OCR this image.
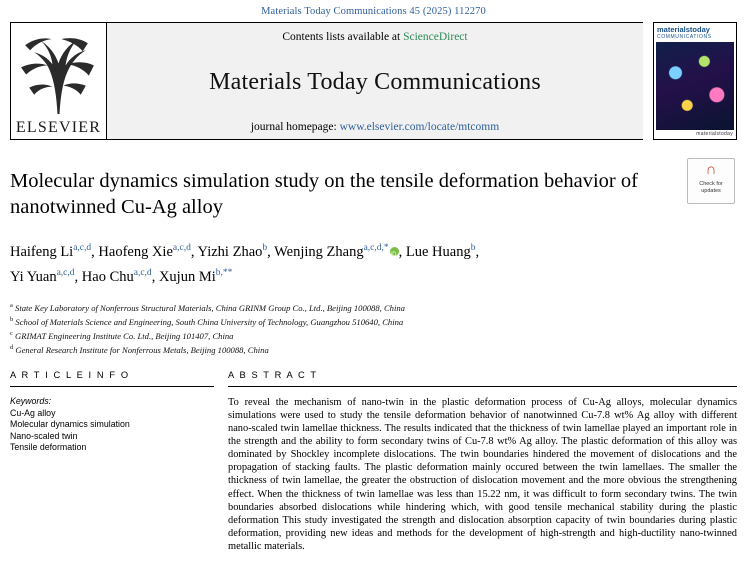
Materials Today Communications 45 (2025) 112270
ELSEVIER
Contents lists available at ScienceDirect
Materials Today Communications
journal homepage: www.elsevier.com/locate/mtcomm
materialstoday
COMMUNICATIONS
materialstoday
∩
Check for
updates
Molecular dynamics simulation study on the tensile deformation behavior of nanotwinned Cu-Ag alloy
Haifeng Li$^{a,c,d}$, Haofeng Xie$^{a,c,d}$, Yizhi Zhao$^b$, Wenjing Zhang$^{a,c,d,*}$ iD , Lue Huang$^b$,
Yi Yuan$^{a,c,d}$, Hao Chu$^{a,c,d}$, Xujun $Mi^{b,**}$
$^a$ State Key Laboratory of Nonferrous Structural Materials, China GRINM Group Co., Ltd., Beijing 100088, China
$^b$ School of Materials Science and Engineering, South China University of Technology, Guangzhou 510640, China
$^c$ GRIMAT Engineering Institute Co. Ltd., Beijing 101407, China
$^d$ General Research Institute for Nonferrous Metals, Beijing 100088, China
A R T I C L E I N F O	A B S T R A C T
Keywords:
Cu-Ag alloy
Molecular dynamics simulation
Nano-scaled twin
Tensile deformation
To reveal the mechanism of nano-twin in the plastic deformation process of Cu-Ag alloys, molecular dynamics simulations were used to study the tensile deformation behavior of nanotwinned Cu-7.8 wt% Ag alloy with different nano-scaled twin lamellae thickness. The results indicated that the thickness of twin lamellae played an important role in the strength and the ability to form secondary twins of Cu-7.8 wt% Ag alloy. The plastic deformation of this alloy was dominated by Shockley incomplete dislocations. The twin boundaries hindered the movement of dislocations and the propagation of stacking faults. The plastic deformation mainly occured between the twin lamellaes. The smaller the thickness of twin lamellae, the greater the obstruction of dislocation movement and the more obvious the strengthening effect. When the thickness of twin lamellae was less than 15.22 nm, it was difficult to form secondary twins. The twin boundaries absorbed dislocations while hindering which, with good tensile mechanical stability during the plastic deformation This study investigated the strength and dislocation absorption capacity of twin boundaries during plastic deformation, providing new ideas and methods for the development of high-strength and high-ductility nano-twinned metallic materials.
